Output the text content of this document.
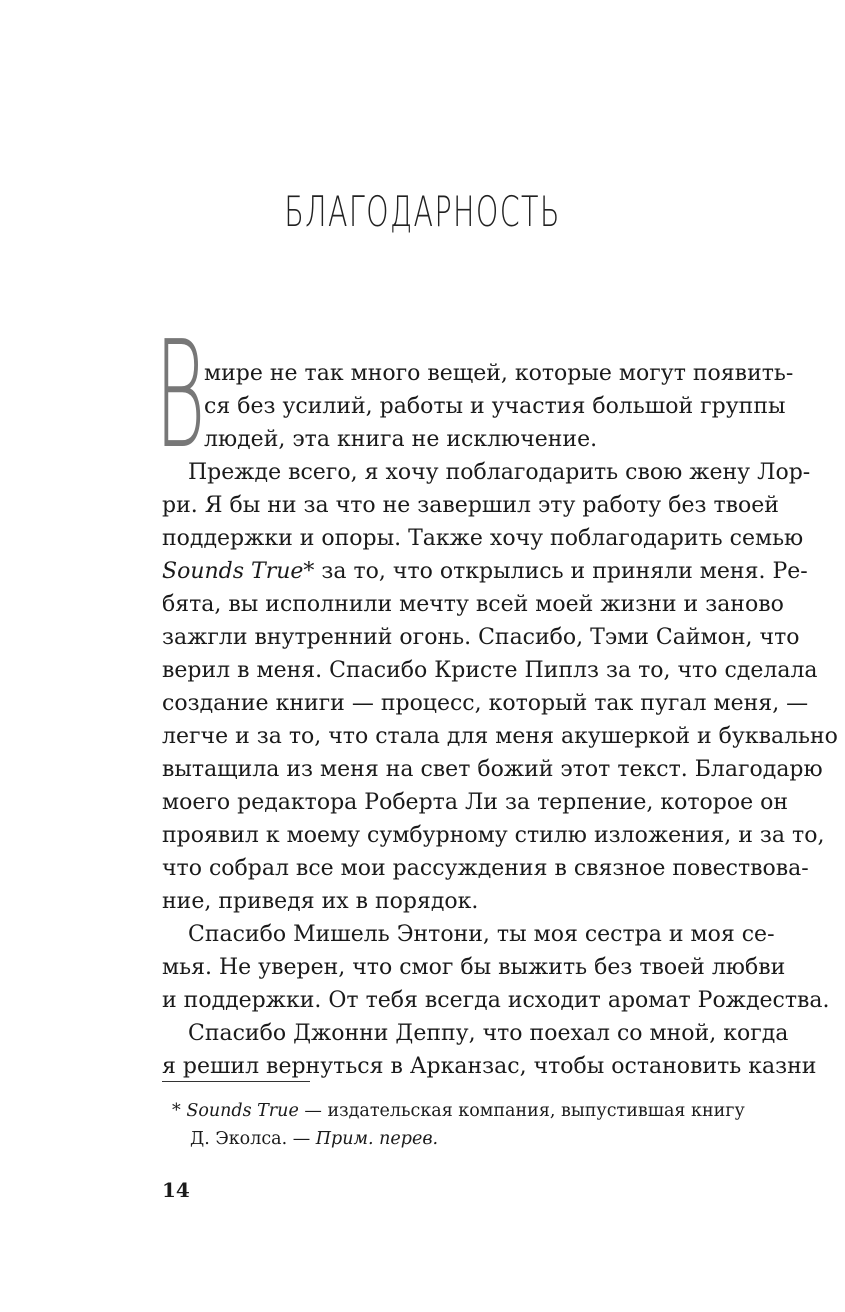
БЛАГОДАРНОСТЬ
В
мире не так много вещей, которые могут появить-
ся без усилий, работы и участия большой группы
людей, эта книга не исключение.
Прежде всего, я хочу поблагодарить свою жену Лор-
ри. Я бы ни за что не завершил эту работу без твоей
поддержки и опоры. Также хочу поблагодарить семью
Sounds True* за то, что открылись и приняли меня. Ре-
бята, вы исполнили мечту всей моей жизни и заново
зажгли внутренний огонь. Спасибо, Тэми Саймон, что
верил в меня. Спасибо Кристе Пиплз за то, что сделала
создание книги — процесс, который так пугал меня, —
легче и за то, что стала для меня акушеркой и буквально
вытащила из меня на свет божий этот текст. Благодарю
моего редактора Роберта Ли за терпение, которое он
проявил к моему сумбурному стилю изложения, и за то,
что собрал все мои рассуждения в связное повествова-
ние, приведя их в порядок.
Спасибо Мишель Энтони, ты моя сестра и моя се-
мья. Не уверен, что смог бы выжить без твоей любви
и поддержки. От тебя всегда исходит аромат Рождества.
Спасибо Джонни Деппу, что поехал со мной, когда
я решил вернуться в Арканзас, чтобы остановить казни
* Sounds True — издательская компания, выпустившая книгу
Д. Эколса. — Прим. перев.
14
